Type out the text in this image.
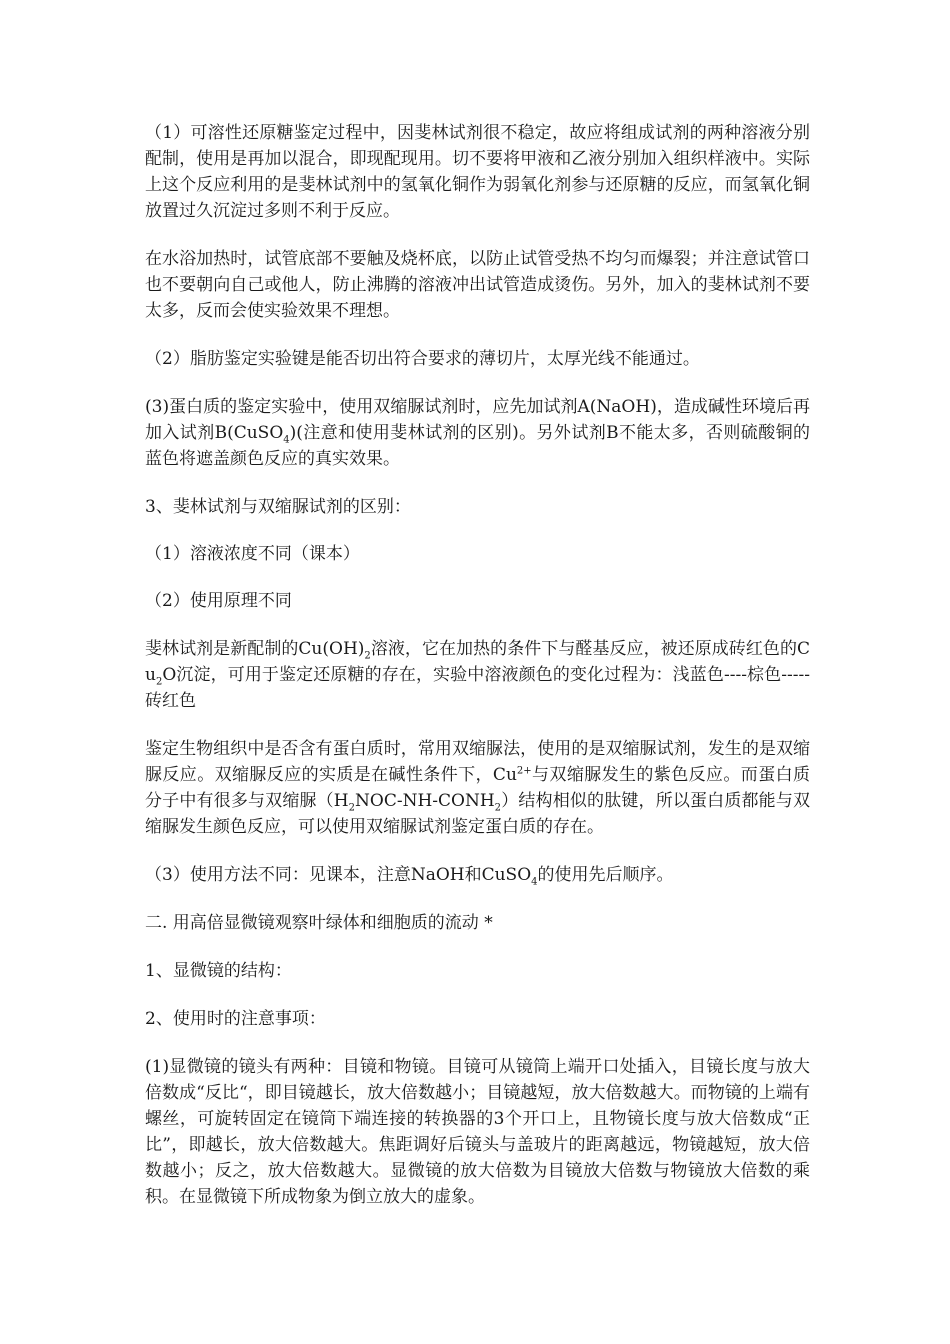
（1）可溶性还原糖鉴定过程中，因斐林试剂很不稳定，故应将组成试剂的两种溶液分别配制，使用是再加以混合，即现配现用。切不要将甲液和乙液分别加入组织样液中。实际上这个反应利用的是斐林试剂中的氢氧化铜作为弱氧化剂参与还原糖的反应，而氢氧化铜放置过久沉淀过多则不利于反应。

在水浴加热时，试管底部不要触及烧杯底，以防止试管受热不均匀而爆裂；并注意试管口也不要朝向自己或他人，防止沸腾的溶液冲出试管造成烫伤。另外，加入的斐林试剂不要太多，反而会使实验效果不理想。

（2）脂肪鉴定实验键是能否切出符合要求的薄切片，太厚光线不能通过。

(3)蛋白质的鉴定实验中，使用双缩脲试剂时，应先加试剂A(NaOH)，造成碱性环境后再加入试剂B(CuSO$_4$)(注意和使用斐林试剂的区别)。另外试剂B不能太多，否则硫酸铜的蓝色将遮盖颜色反应的真实效果。

3、斐林试剂与双缩脲试剂的区别：

（1）溶液浓度不同（课本）

（2）使用原理不同

斐林试剂是新配制的$Cu(OH)_2$溶液，它在加热的条件下与醛基反应，被还原成砖红色的$Cu_2O$沉淀，可用于鉴定还原糖的存在，实验中溶液颜色的变化过程为：浅蓝色----棕色-----砖红色

鉴定生物组织中是否含有蛋白质时，常用双缩脲法，使用的是双缩脲试剂，发生的是双缩脲反应。双缩脲反应的实质是在碱性条件下，$Cu^{2+}$与双缩脲发生的紫色反应。而蛋白质分子中有很多与双缩脲$(H_2NOC-NH-CONH_2)$结构相似的肽键，所以蛋白质都能与双缩脲发生颜色反应，可以使用双缩脲试剂鉴定蛋白质的存在。

（3）使用方法不同：见课本，注意NaOH和CuSO$_4$的使用先后顺序。

二. 用高倍显微镜观察叶绿体和细胞质的流动 *

1、显微镜的结构：

2、使用时的注意事项：

(1)显微镜的镜头有两种：目镜和物镜。目镜可从镜筒上端开口处插入，目镜长度与放大倍数成“反比“，即目镜越长，放大倍数越小；目镜越短，放大倍数越大。而物镜的上端有螺丝，可旋转固定在镜筒下端连接的转换器的3个开口上，且物镜长度与放大倍数成“正比”，即越长，放大倍数越大。焦距调好后镜头与盖玻片的距离越远，物镜越短，放大倍数越小；反之，放大倍数越大。显微镜的放大倍数为目镜放大倍数与物镜放大倍数的乘积。在显微镜下所成物象为倒立放大的虚象。
